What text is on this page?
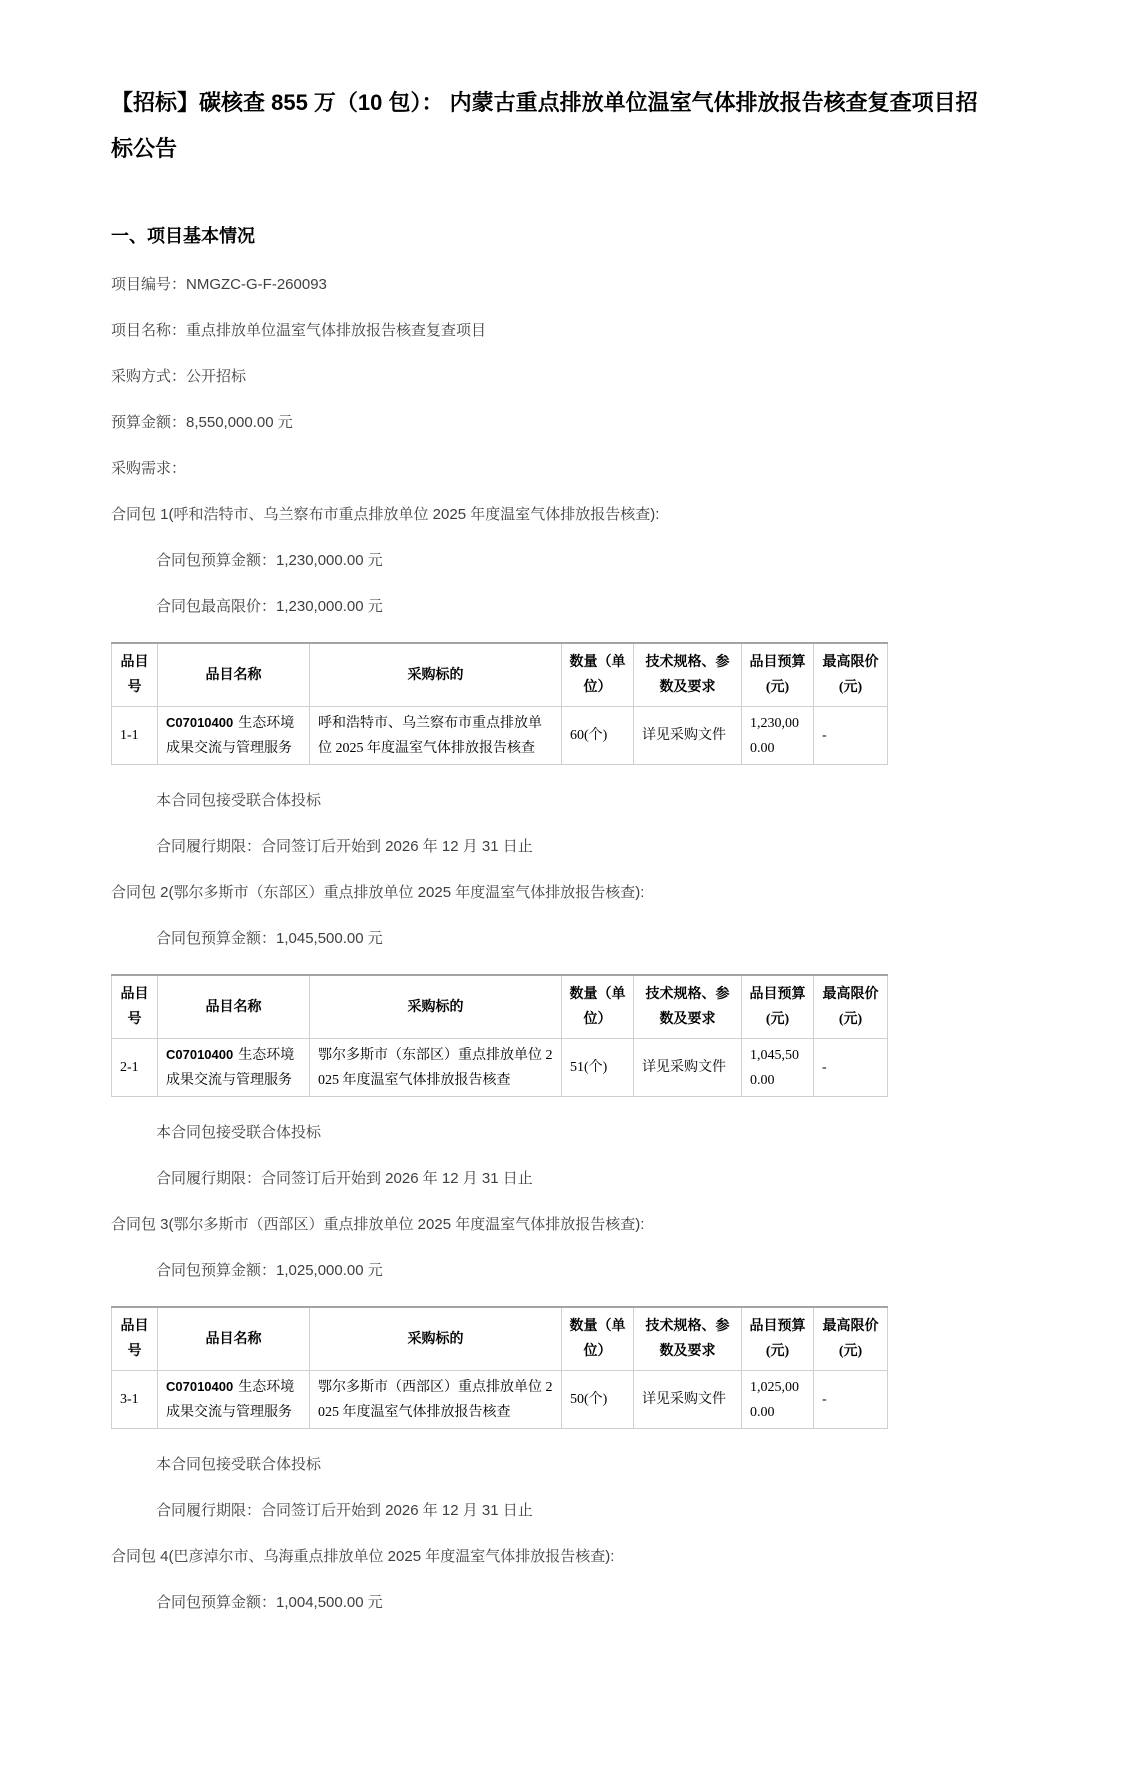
【招标】碳核查 855 万（10 包）： 内蒙古重点排放单位温室气体排放报告核查复查项目招标公告
一、项目基本情况

项目编号：NMGZC-G-F-260093

项目名称：重点排放单位温室气体排放报告核查复查项目

采购方式：公开招标

预算金额：8,550,000.00 元

采购需求：

合同包 1(呼和浩特市、乌兰察布市重点排放单位 2025 年度温室气体排放报告核查):

合同包预算金额：1,230,000.00 元

合同包最高限价：1,230,000.00 元

品目号	品目名称	采购标的	数量（单位）	技术规格、参数及要求	品目预算(元)	最高限价(元)
1-1	C07010400 生态环境成果交流与管理服务	呼和浩特市、乌兰察布市重点排放单位 2025 年度温室气体排放报告核查	60(个)	详见采购文件	1,230,000.00	-

本合同包接受联合体投标

合同履行期限：合同签订后开始到 2026 年 12 月 31 日止

合同包 2(鄂尔多斯市（东部区）重点排放单位 2025 年度温室气体排放报告核查):

合同包预算金额：1,045,500.00 元

品目号	品目名称	采购标的	数量（单位）	技术规格、参数及要求	品目预算(元)	最高限价(元)
2-1	C07010400 生态环境成果交流与管理服务	鄂尔多斯市（东部区）重点排放单位 2025 年度温室气体排放报告核查	51(个)	详见采购文件	1,045,500.00	-

本合同包接受联合体投标

合同履行期限：合同签订后开始到 2026 年 12 月 31 日止

合同包 3(鄂尔多斯市（西部区）重点排放单位 2025 年度温室气体排放报告核查):

合同包预算金额：1,025,000.00 元

品目号	品目名称	采购标的	数量（单位）	技术规格、参数及要求	品目预算(元)	最高限价(元)
3-1	C07010400 生态环境成果交流与管理服务	鄂尔多斯市（西部区）重点排放单位 2025 年度温室气体排放报告核查	50(个)	详见采购文件	1,025,000.00	-

本合同包接受联合体投标

合同履行期限：合同签订后开始到 2026 年 12 月 31 日止

合同包 4(巴彦淖尔市、乌海重点排放单位 2025 年度温室气体排放报告核查):

合同包预算金额：1,004,500.00 元
